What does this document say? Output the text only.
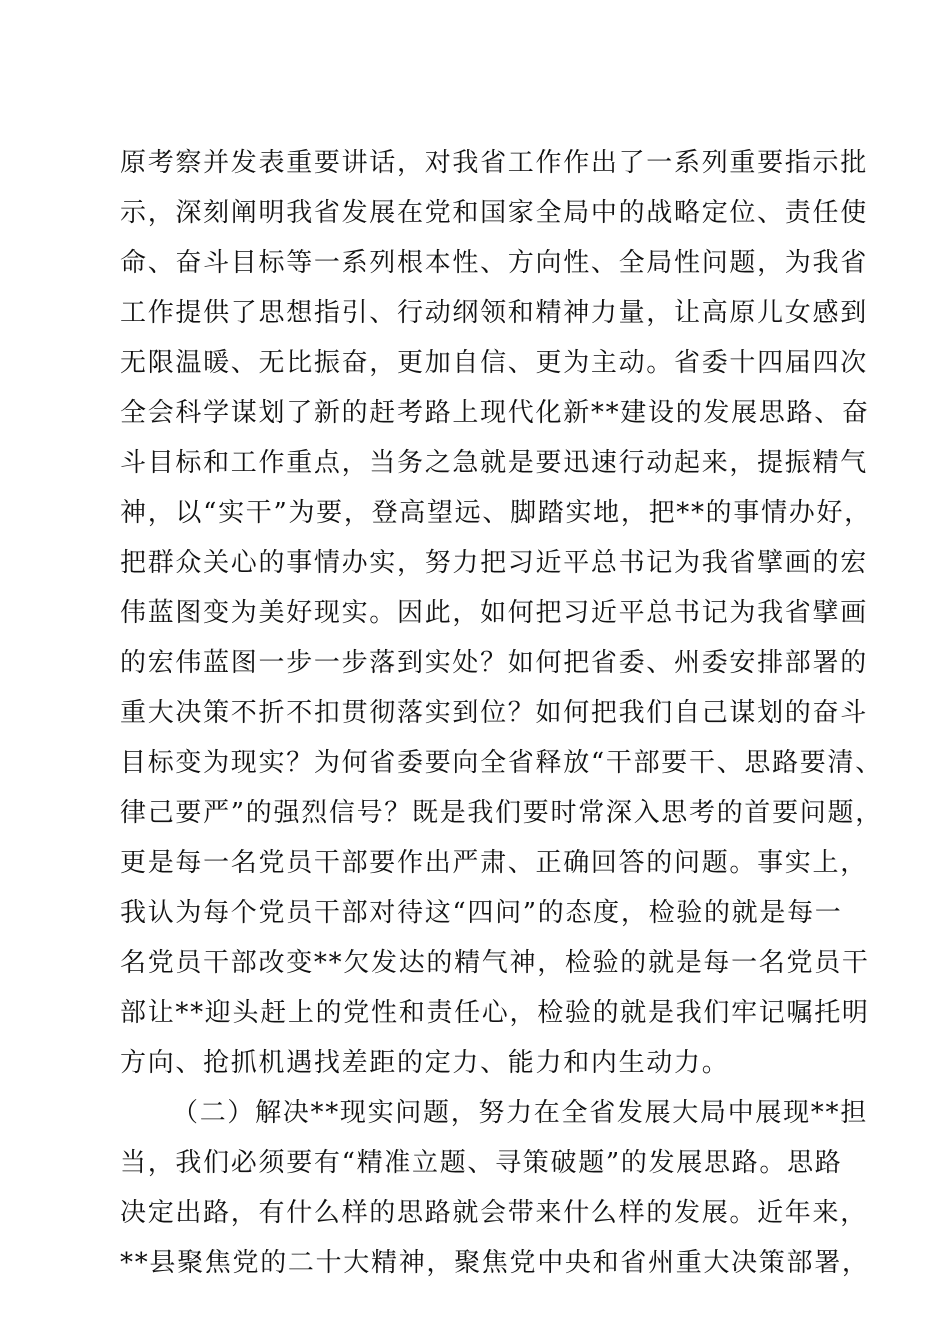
原考察并发表重要讲话，对我省工作作出了一系列重要指示批
示，深刻阐明我省发展在党和国家全局中的战略定位、责任使
命、奋斗目标等一系列根本性、方向性、全局性问题，为我省
工作提供了思想指引、行动纲领和精神力量，让高原儿女感到
无限温暖、无比振奋，更加自信、更为主动。省委十四届四次
全会科学谋划了新的赶考路上现代化新**建设的发展思路、奋
斗目标和工作重点，当务之急就是要迅速行动起来，提振精气
神，以“实干”为要，登高望远、脚踏实地，把**的事情办好，
把群众关心的事情办实，努力把习近平总书记为我省擘画的宏
伟蓝图变为美好现实。因此，如何把习近平总书记为我省擘画
的宏伟蓝图一步一步落到实处？如何把省委、州委安排部署的
重大决策不折不扣贯彻落实到位？如何把我们自己谋划的奋斗
目标变为现实？为何省委要向全省释放“干部要干、思路要清、
律己要严”的强烈信号？既是我们要时常深入思考的首要问题，
更是每一名党员干部要作出严肃、正确回答的问题。事实上，
我认为每个党员干部对待这“四问”的态度，检验的就是每一
名党员干部改变**欠发达的精气神，检验的就是每一名党员干
部让**迎头赶上的党性和责任心，检验的就是我们牢记嘱托明
方向、抢抓机遇找差距的定力、能力和内生动力。
（二）解决**现实问题，努力在全省发展大局中展现**担
当，我们必须要有“精准立题、寻策破题”的发展思路。思路
决定出路，有什么样的思路就会带来什么样的发展。近年来，
**县聚焦党的二十大精神，聚焦党中央和省州重大决策部署，
